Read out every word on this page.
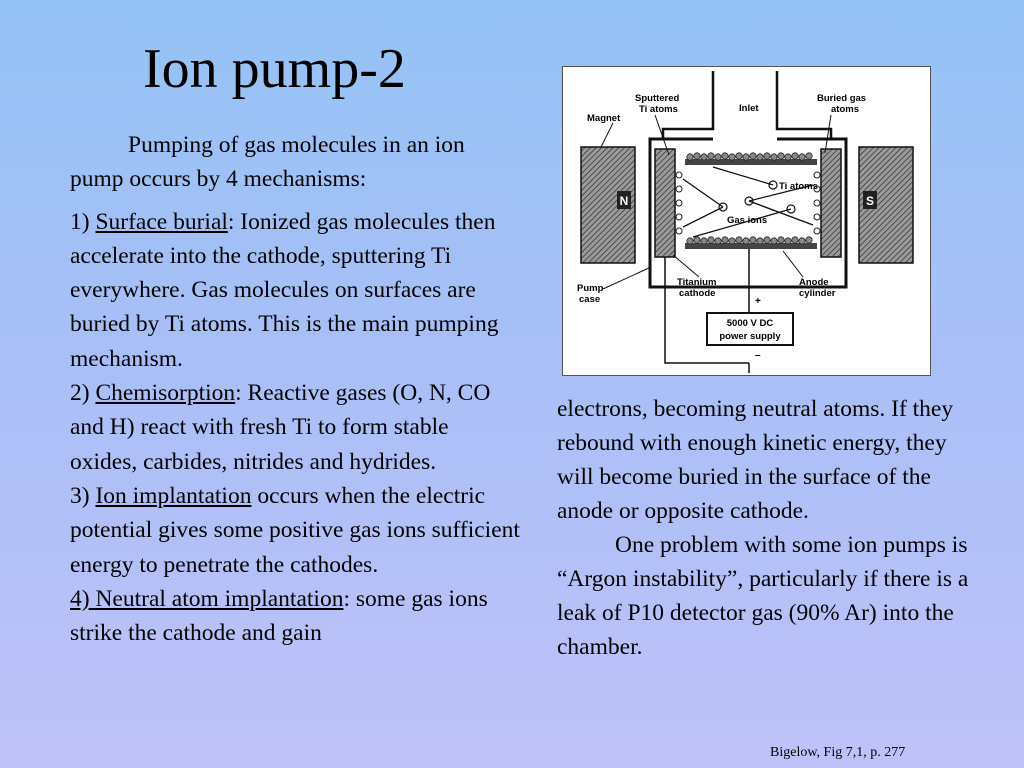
Ion pump-2

Pumping of gas molecules in an ion pump occurs by 4 mechanisms:

1) Surface burial: Ionized gas molecules then accelerate into the cathode, sputtering Ti everywhere. Gas molecules on surfaces are buried by Ti atoms. This is the main pumping mechanism.

2) Chemisorption: Reactive gases (O, N, CO and H) react with fresh Ti to form stable oxides, carbides, nitrides and hydrides.

3) Ion implantation occurs when the electric potential gives some positive gas ions sufficient energy to penetrate the cathodes.

4) Neutral atom implantation: some gas ions strike the cathode and gain

N	S
5000 V DC
power supply
+
–
Magnet
Sputtered
Ti atoms	Inlet
Buried gas
atoms
Ti atoms
Gas ions
Pump
case
Titanium
cathode
Anode
cylinder

electrons, becoming neutral atoms. If they rebound with enough kinetic energy, they will become buried in the surface of the anode or opposite cathode.

One problem with some ion pumps is “Argon instability”, particularly if there is a leak of P10 detector gas (90% Ar) into the chamber.

Bigelow, Fig 7,1, p. 277
